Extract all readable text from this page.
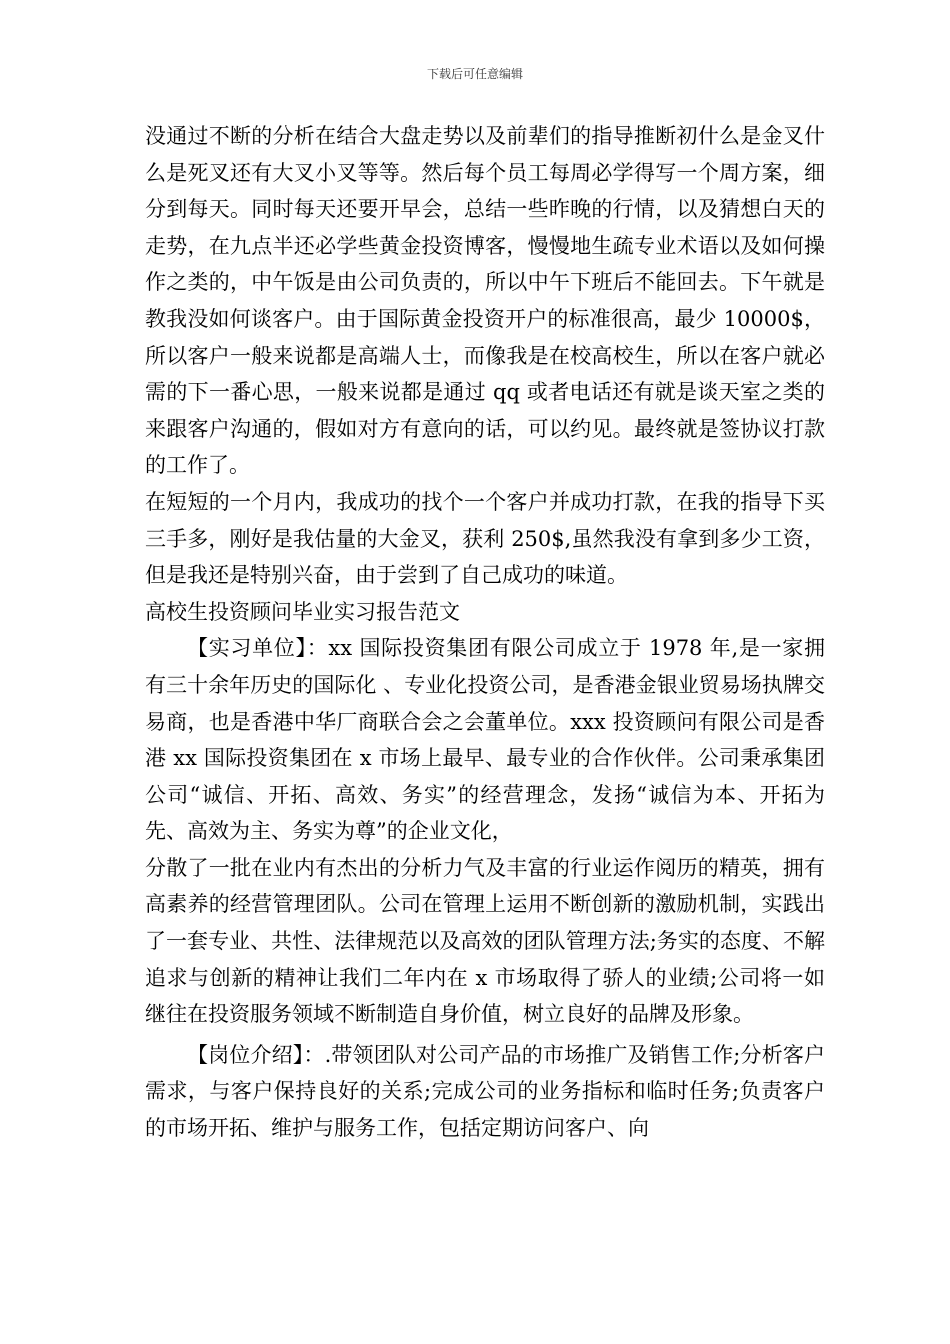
下载后可任意编辑

没通过不断的分析在结合大盘走势以及前辈们的指导推断初什么是金叉什么是死叉还有大叉小叉等等。然后每个员工每周必学得写一个周方案，细分到每天。同时每天还要开早会，总结一些昨晚的行情，以及猜想白天的走势，在九点半还必学些黄金投资博客，慢慢地生疏专业术语以及如何操作之类的，中午饭是由公司负责的，所以中午下班后不能回去。下午就是教我没如何谈客户。由于国际黄金投资开户的标准很高，最少 10000$，所以客户一般来说都是高端人士，而像我是在校高校生，所以在客户就必需的下一番心思，一般来说都是通过 qq 或者电话还有就是谈天室之类的来跟客户沟通的，假如对方有意向的话，可以约见。最终就是签协议打款的工作了。

在短短的一个月内，我成功的找个一个客户并成功打款，在我的指导下买三手多，刚好是我估量的大金叉，获利 250$,虽然我没有拿到多少工资，但是我还是特别兴奋，由于尝到了自己成功的味道。

高校生投资顾问毕业实习报告范文

【实习单位】：xx 国际投资集团有限公司成立于 1978 年,是一家拥有三十余年历史的国际化 、专业化投资公司，是香港金银业贸易场执牌交易商，也是香港中华厂商联合会之会董单位。xxx 投资顾问有限公司是香港 xx 国际投资集团在 x 市场上最早、最专业的合作伙伴。公司秉承集团公司“诚信、开拓、高效、务实”的经营理念，发扬“诚信为本、开拓为先、高效为主、务实为尊”的企业文化，

分散了一批在业内有杰出的分析力气及丰富的行业运作阅历的精英，拥有高素养的经营管理团队。公司在管理上运用不断创新的激励机制，实践出了一套专业、共性、法律规范以及高效的团队管理方法;务实的态度、不解追求与创新的精神让我们二年内在 x 市场取得了骄人的业绩;公司将一如继往在投资服务领域不断制造自身价值，树立良好的品牌及形象。

【岗位介绍】：.带领团队对公司产品的市场推广及销售工作;分析客户需求，与客户保持良好的关系;完成公司的业务指标和临时任务;负责客户的市场开拓、维护与服务工作，包括定期访问客户、向
